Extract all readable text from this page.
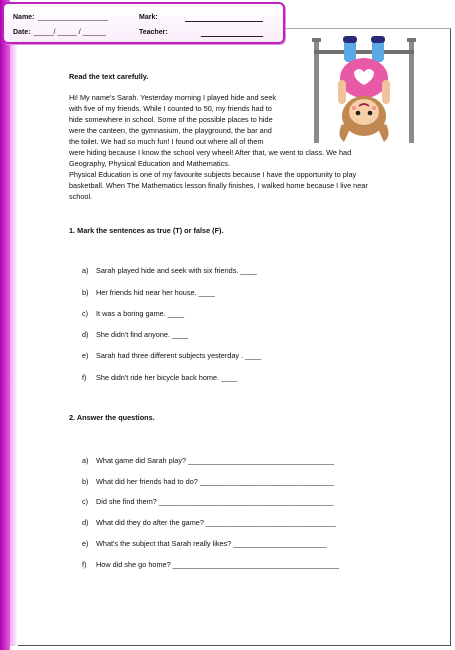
Name: __________________	Mark:
Date: _____/ _____ / ______	Teacher:
Read the text carefully.
Hi! My name's Sarah. Yesterday morning I played hide and seek
with five of my friends. While I counted to 50, my friends had to
hide somewhere in school. Some of the possible places to hide
were the canteen, the gymnasium, the playground, the bar and
the toilet. We had so much fun! I found out where all of them
were hiding because I know the school very wheel! After that, we went to class. We had
Geography, Physical Education and Mathematics.
Physical Education is one of my favourite subjects because I have the opportunity to play
basketball. When The Mathematics lesson finally finishes, I walked home because I live near
school.
1. Mark the sentences as true (T) or false (F).
a) Sarah played hide and seek with six friends. ____
b) Her friends hid near her house. ____
c) It was a boring game. ____
d) She didn't find anyone. ____
e) Sarah had three different subjects yesterday . ____
f) She didn't ride her bicycle back home. ____
2. Answer the questions.
a) What game did Sarah play? ____________________________________
b) What did her friends had to do? _________________________________
c) Did she find them? ___________________________________________
d) What did they do after the game? ________________________________
e) What's the subject that Sarah really likes? _______________________
f) How did she go home? _________________________________________
